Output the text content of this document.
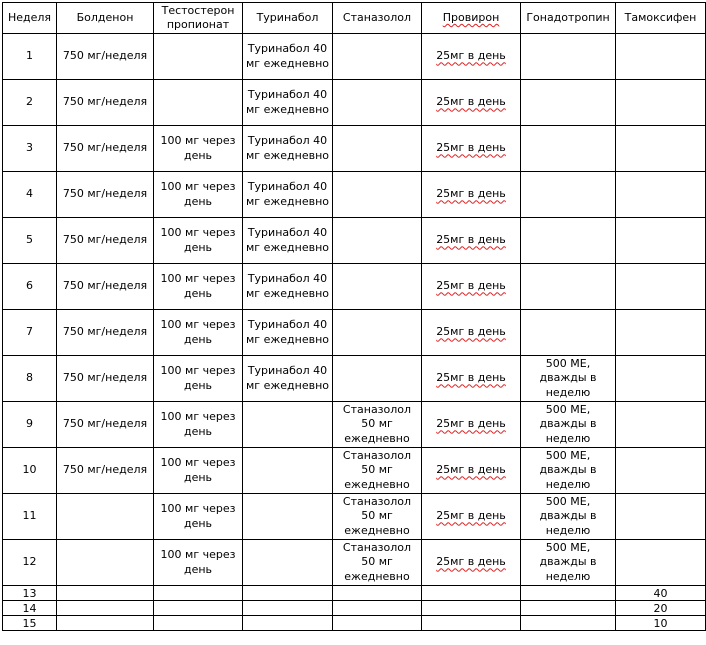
Неделя	Болденон	Тестостерон пропионат	Туринабол	Станазолол	Провирон	Гонадотропин	Тамоксифен
1	750 мг/неделя		Туринабол 40 мг ежедневно		25мг в день		
2	750 мг/неделя		Туринабол 40 мг ежедневно		25мг в день		
3	750 мг/неделя	100 мг через день	Туринабол 40 мг ежедневно		25мг в день		
4	750 мг/неделя	100 мг через день	Туринабол 40 мг ежедневно		25мг в день		
5	750 мг/неделя	100 мг через день	Туринабол 40 мг ежедневно		25мг в день		
6	750 мг/неделя	100 мг через день	Туринабол 40 мг ежедневно		25мг в день		
7	750 мг/неделя	100 мг через день	Туринабол 40 мг ежедневно		25мг в день		
8	750 мг/неделя	100 мг через день	Туринабол 40 мг ежедневно		25мг в день	500 МЕ, дважды в неделю	
9	750 мг/неделя	100 мг через день		Станазолол 50 мг ежедневно	25мг в день	500 МЕ, дважды в неделю	
10	750 мг/неделя	100 мг через день		Станазолол 50 мг ежедневно	25мг в день	500 МЕ, дважды в неделю	
11		100 мг через день		Станазолол 50 мг ежедневно	25мг в день	500 МЕ, дважды в неделю	
12		100 мг через день		Станазолол 50 мг ежедневно	25мг в день	500 МЕ, дважды в неделю	
13							40
14							20
15							10
